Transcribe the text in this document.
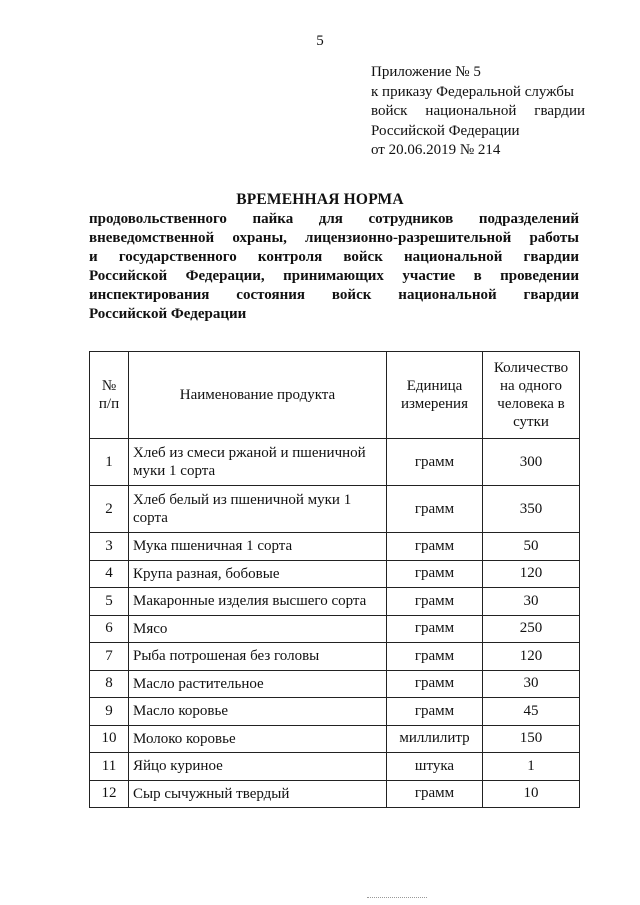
5
Приложение № 5
к приказу Федеральной службы
войск национальной гвардии
Российской Федерации
от 20.06.2019 № 214
ВРЕМЕННАЯ НОРМА
продовольственного пайка для сотрудников подразделений
вневедомственной охраны, лицензионно-разрешительной работы
и государственного контроля войск национальной гвардии
Российской Федерации, принимающих участие в проведении
инспектирования состояния войск национальной гвардии
Российской Федерации
№ п/п	Наименование продукта	Единица измерения	Количество на одного человека в сутки
1	Хлеб из смеси ржаной и пшеничной муки 1 сорта	грамм	300
2	Хлеб белый из пшеничной муки 1 сорта	грамм	350
3	Мука пшеничная 1 сорта	грамм	50
4	Крупа разная, бобовые	грамм	120
5	Макаронные изделия высшего сорта	грамм	30
6	Мясо	грамм	250
7	Рыба потрошеная без головы	грамм	120
8	Масло растительное	грамм	30
9	Масло коровье	грамм	45
10	Молоко коровье	миллилитр	150
11	Яйцо куриное	штука	1
12	Сыр сычужный твердый	грамм	10
